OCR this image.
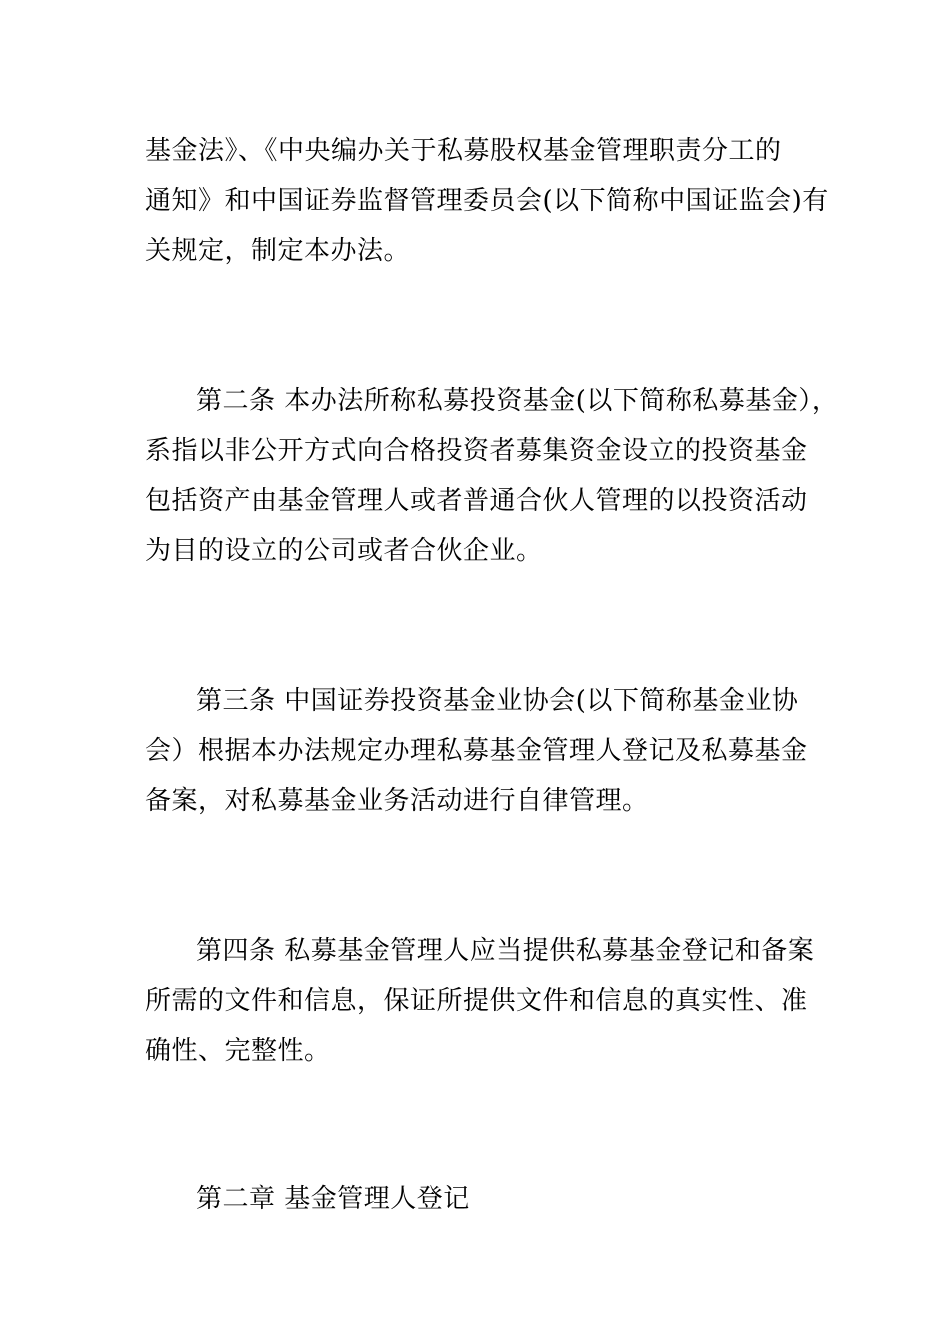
基金法》、《中央编办关于私募股权基金管理职责分工的
通知》和中国证券监督管理委员会(以下简称中国证监会)有
关规定，制定本办法。
第二条 本办法所称私募投资基金(以下简称私募基金），
系指以非公开方式向合格投资者募集资金设立的投资基金
包括资产由基金管理人或者普通合伙人管理的以投资活动
为目的设立的公司或者合伙企业。
第三条 中国证券投资基金业协会(以下简称基金业协
会）根据本办法规定办理私募基金管理人登记及私募基金
备案，对私募基金业务活动进行自律管理。
第四条 私募基金管理人应当提供私募基金登记和备案
所需的文件和信息，保证所提供文件和信息的真实性、准
确性、完整性。
第二章 基金管理人登记
